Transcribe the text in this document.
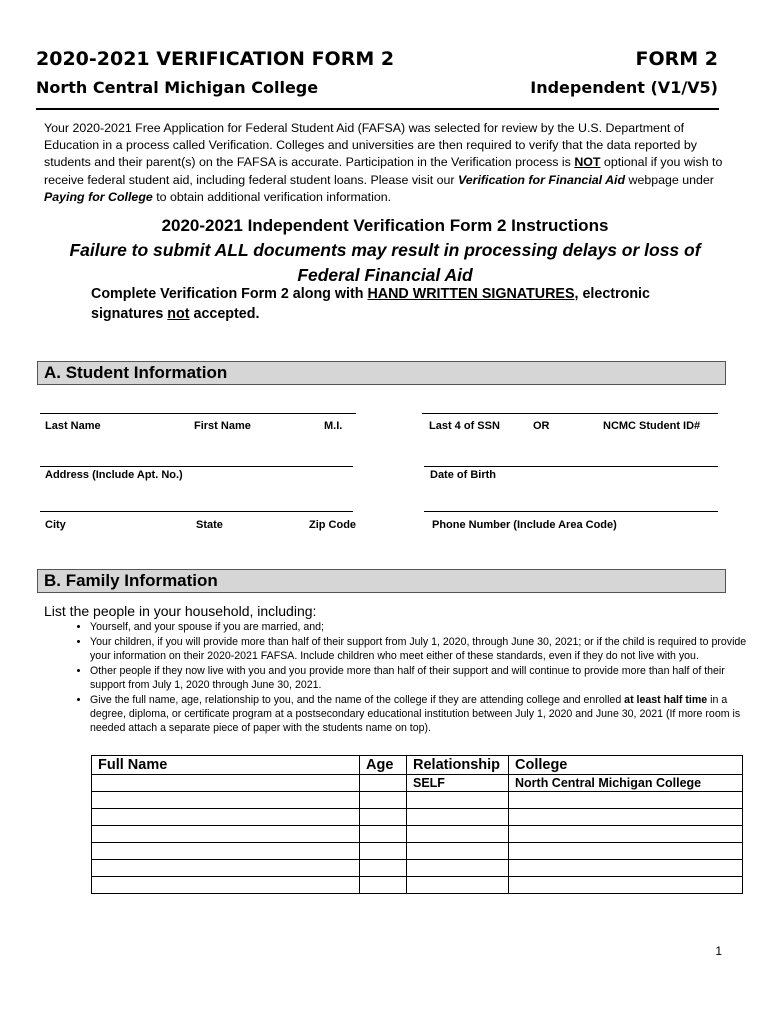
2020-2021 VERIFICATION FORM 2	FORM 2
North Central Michigan College	Independent (V1/V5)
Your 2020-2021 Free Application for Federal Student Aid (FAFSA) was selected for review by the U.S. Department of Education in a process called Verification. Colleges and universities are then required to verify that the data reported by students and their parent(s) on the FAFSA is accurate. Participation in the Verification process is NOT optional if you wish to receive federal student aid, including federal student loans. Please visit our Verification for Financial Aid webpage under Paying for College to obtain additional verification information.
2020-2021 Independent Verification Form 2 Instructions
Failure to submit ALL documents may result in processing delays or loss of Federal Financial Aid
Complete Verification Form 2 along with HAND WRITTEN SIGNATURES, electronic signatures not accepted.
A. Student Information
Last Name	First Name	M.I.	Last 4 of SSN	OR	NCMC Student ID#
Address (Include Apt. No.)	Date of Birth
City	State	Zip Code	Phone Number (Include Area Code)
B. Family Information
List the people in your household, including:
• Yourself, and your spouse if you are married, and;
• Your children, if you will provide more than half of their support from July 1, 2020, through June 30, 2021; or if the child is required to provide your information on their 2020-2021 FAFSA. Include children who meet either of these standards, even if they do not live with you.
• Other people if they now live with you and you provide more than half of their support and will continue to provide more than half of their support from July 1, 2020 through June 30, 2021.
• Give the full name, age, relationship to you, and the name of the college if they are attending college and enrolled at least half time in a degree, diploma, or certificate program at a postsecondary educational institution between July 1, 2020 and June 30, 2021 (If more room is needed attach a separate piece of paper with the students name on top).
Full Name	Age	Relationship	College
		SELF	North Central Michigan College

1
